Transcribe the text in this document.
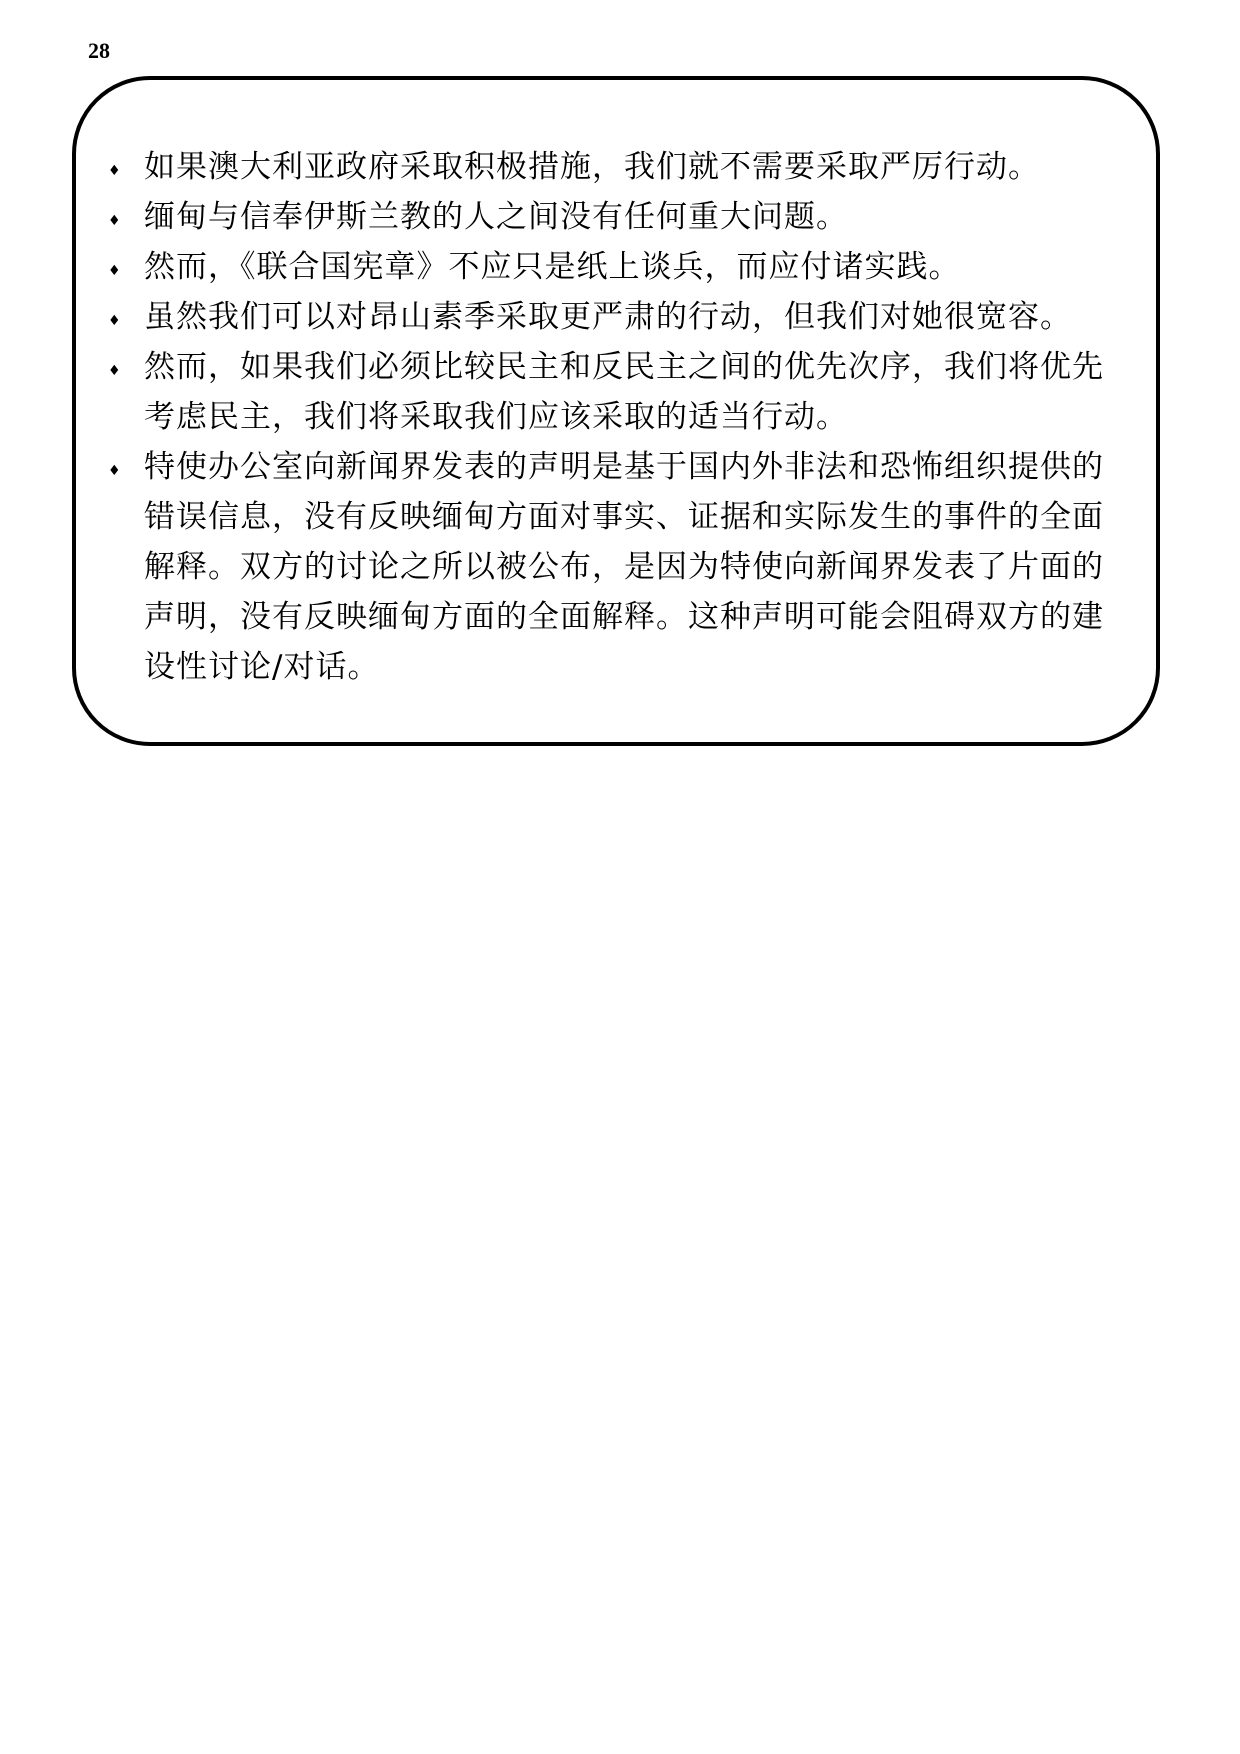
28
♦ 如果澳大利亚政府采取积极措施，我们就不需要采取严厉行动。
♦ 缅甸与信奉伊斯兰教的人之间没有任何重大问题。
♦ 然而，《联合国宪章》不应只是纸上谈兵，而应付诸实践。
♦ 虽然我们可以对昂山素季采取更严肃的行动，但我们对她很宽容。
♦ 然而，如果我们必须比较民主和反民主之间的优先次序，我们将优先考虑民主，我们将采取我们应该采取的适当行动。
♦ 特使办公室向新闻界发表的声明是基于国内外非法和恐怖组织提供的错误信息，没有反映缅甸方面对事实、证据和实际发生的事件的全面解释。双方的讨论之所以被公布，是因为特使向新闻界发表了片面的声明，没有反映缅甸方面的全面解释。这种声明可能会阻碍双方的建设性讨论/对话。
